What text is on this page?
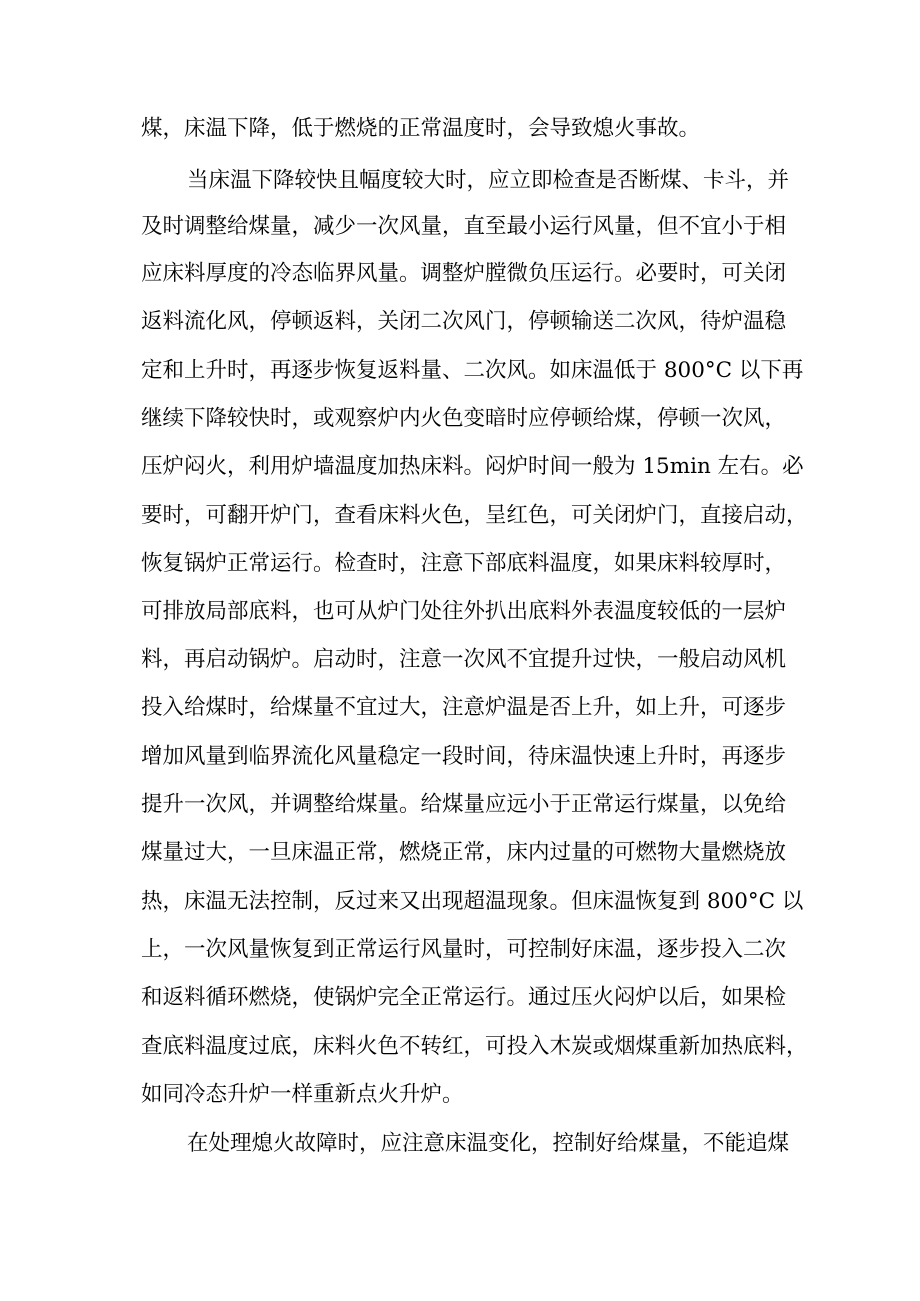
煤，床温下降，低于燃烧的正常温度时，会导致熄火事故。
当床温下降较快且幅度较大时，应立即检查是否断煤、卡斗，并
及时调整给煤量，减少一次风量，直至最小运行风量，但不宜小于相
应床料厚度的冷态临界风量。调整炉膛微负压运行。必要时，可关闭
返料流化风，停顿返料，关闭二次风门，停顿输送二次风，待炉温稳
定和上升时，再逐步恢复返料量、二次风。如床温低于 800°C 以下再
继续下降较快时，或观察炉内火色变暗时应停顿给煤，停顿一次风，
压炉闷火，利用炉墙温度加热床料。闷炉时间一般为 15min 左右。必
要时，可翻开炉门，查看床料火色，呈红色，可关闭炉门，直接启动，
恢复锅炉正常运行。检查时，注意下部底料温度，如果床料较厚时，
可排放局部底料，也可从炉门处往外扒出底料外表温度较低的一层炉
料，再启动锅炉。启动时，注意一次风不宜提升过快，一般启动风机
投入给煤时，给煤量不宜过大，注意炉温是否上升，如上升，可逐步
增加风量到临界流化风量稳定一段时间，待床温快速上升时，再逐步
提升一次风，并调整给煤量。给煤量应远小于正常运行煤量，以免给
煤量过大，一旦床温正常，燃烧正常，床内过量的可燃物大量燃烧放
热，床温无法控制，反过来又出现超温现象。但床温恢复到 800°C 以
上，一次风量恢复到正常运行风量时，可控制好床温，逐步投入二次
和返料循环燃烧，使锅炉完全正常运行。通过压火闷炉以后，如果检
查底料温度过底，床料火色不转红，可投入木炭或烟煤重新加热底料，
如同冷态升炉一样重新点火升炉。
在处理熄火故障时，应注意床温变化，控制好给煤量，不能追煤
